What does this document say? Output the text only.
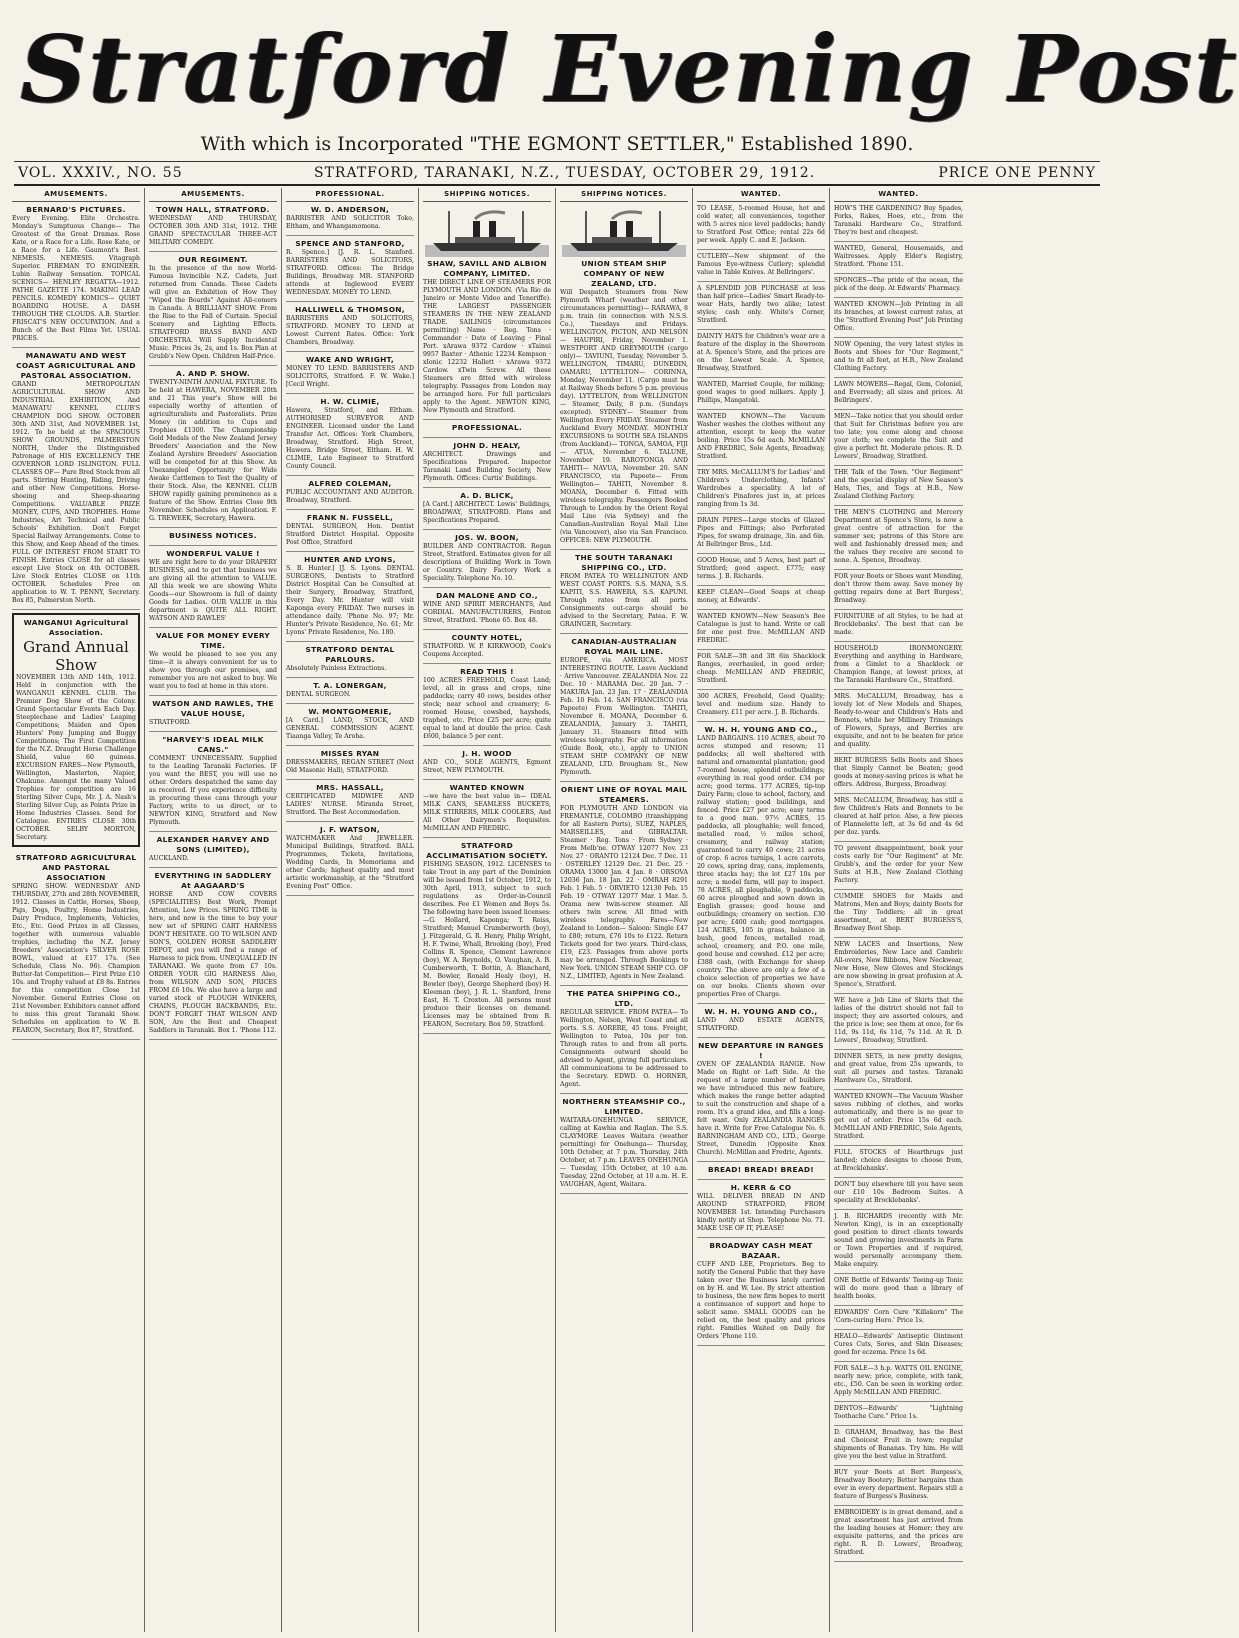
Stratford Evening Post
With which is Incorporated "THE EGMONT SETTLER," Established 1890.
VOL. XXXIV., NO. 55	STRATFORD, TARANAKI, N.Z., TUESDAY, OCTOBER 29, 1912.	PRICE ONE PENNY
AMUSEMENTS.
BERNARD'S PICTURES.
Every Evening. Elite Orchestra. Monday's Sumptuous Change— The Greatest of the Great Dramas. Rose Kate, or a Race for a Life. Rose Kate, or a Race for a Life. Gaumont's Best. NEMESIS. NEMESIS. Vitagraph Superior. FIREMAN TO ENGINEER. Lubin Railway Sensation. TOPICAL SCENICS— HENLEY REGATTA—1912. PATHE GAZETTE 174. MAKING LEAD PENCILS. KOMEDY KOMICS— QUIET BOARDING HOUSE. A DASH THROUGH THE CLOUDS. A.B. Startler. FRISCAT'S NEW OCCUPATION. And a Bunch of the Best Films Yet. USUAL PRICES.
MANAWATU AND WEST COAST AGRICULTURAL AND PASTORAL ASSOCIATION.
GRAND METROPOLITAN AGRICULTURAL SHOW AND INDUSTRIAL EXHIBITION, And MANAWATU KENNEL CLUB'S CHAMPION DOG SHOW. OCTOBER 30th AND 31st, And NOVEMBER 1st, 1912. To be held at the SPACIOUS SHOW GROUNDS, PALMERSTON NORTH, Under the Distinguished Patronage of HIS EXCELLENCY THE GOVERNOR LORD ISLINGTON. FULL CLASSES OF— Pure Bred Stock from all parts. Stirring Hunting, Riding, Driving and other New Competitions. Horse-shoeing and Sheep-shearing Competitions. VALUABLE PRIZE MONEY, CUPS, AND TROPHIES. Home Industries, Art Technical and Public Schools' Exhibition. Don't Forget Special Railway Arrangements. Come to this Show, and Keep Ahead of the times. FULL OF INTEREST FROM START TO FINISH. Entries CLOSE for all classes except Live Stock on 4th OCTOBER. Live Stock Entries CLOSE on 11th OCTOBER. Schedules Free on application to W. T. PENNY, Secretary. Box 85, Palmerston North.
WANGANUI Agricultural Association.
Grand Annual Show
NOVEMBER 13th AND 14th, 1912. Held in conjunction with the WANGANUI KENNEL CLUB. The Premier Dog Show of the Colony. Grand Spectacular Events Each Day. Steeplechase and Ladies' Leaping Competitions; Maiden and Open Hunters' Pony Jumping and Buggy Competitions; The First Competition for the N.Z. Draught Horse Challenge Shield, value 60 guineas. EXCURSION FARES—New Plymouth, Wellington, Masterton, Napier, Ohakune. Amongst the many Valued Trophies for competition are 16 Sterling Silver Cups, Mr. J. A. Nash's Sterling Silver Cup, as Points Prize in Home Industries Classes. Send for Catalogue. ENTRIES CLOSE 30th OCTOBER. SELBY MORTON, Secretary.
STRATFORD AGRICULTURAL AND PASTORAL ASSOCIATION
SPRING SHOW. WEDNESDAY AND THURSDAY, 27th and 28th NOVEMBER, 1912. Classes in Cattle, Horses, Sheep, Pigs, Dogs, Poultry, Home Industries, Dairy Produce, Implements, Vehicles, Etc., Etc. Good Prizes in all Classes, together with numerous valuable trophies, including the N.Z. Jersey Breeders' Association's SILVER ROSE BOWL, valued at £17 17s. (See Schedule, Class No. 96). Champion Butter-fat Competition— First Prize £10 10s. and Trophy valued at £8 8s. Entries for this competition Close 1st November. General Entries Close on 21st November. Exhibitors cannot afford to miss this great Taranaki Show. Schedules on application to W. B. FEARON, Secretary, Box 87, Stratford.
AMUSEMENTS.
TOWN HALL, STRATFORD.
WEDNESDAY AND THURSDAY, OCTOBER 30th AND 31st, 1912. THE GRAND SPECTACULAR THREE-ACT MILITARY COMEDY.
OUR REGIMENT.
In the presence of the now World-Famous Invincible N.Z. Cadets, Just returned from Canada. These Cadets will give an Exhibition of How They "Wiped the Boards" Against All-comers in Canada. A BRILLIANT SHOW. From the Rise to the Fall of Curtain. Special Scenery and Lighting Effects. STRATFORD BRASS BAND AND ORCHESTRA. Will Supply Incidental Music. Prices 3s, 2s, and 1s. Box Plan at Grubb's New Open. Children Half-Price.
A. AND P. SHOW.
TWENTY-NINTH ANNUAL FIXTURE. To be held at HAWERA, NOVEMBER 20th and 21 This year's Show will be especially worthy of attention of agriculturalists and Pastoralists. Prize Money (in addition to Cups and Trophies £1300. The Championship Gold Medals of the New Zealand Jersey Breeders' Association and the New Zealand Ayrshire Breeders' Association will be competed for at this Show. An Unexampled Opportunity for Wide Awake Cattlemen to Test the Quality of their Stock. Also, the KENNEL CLUB SHOW rapidly gaining prominence as a feature of the Show. Entries Close 9th November. Schedules on Application. F. G. TREWEEK, Secretary, Hawera.
BUSINESS NOTICES.
WONDERFUL VALUE !
WE are right here to do your DRAPERY BUSINESS, and to get that business we are giving all the attention to VALUE. All this week we are showing White Goods—our Showroom is full of dainty Goods for Ladies. OUR VALUE in this department is QUITE ALL RIGHT. WATSON AND RAWLES'
VALUE FOR MONEY EVERY TIME.
We would be pleased to see you any time—it is always convenient for us to show you through our premises, and remember you are not asked to buy. We want you to feel at home in this store.
WATSON AND RAWLES, THE VALUE HOUSE,
STRATFORD.
"HARVEY'S IDEAL MILK CANS."
COMMENT UNNECESSARY. Supplied to the Leading Taranaki Factories. IF you want the BEST, you will use no other. Orders despatched the same day as received. If you experience difficulty in procuring these cans through your Factory, write to us direct, or to NEWTON KING, Stratford and New Plymouth.
ALEXANDER HARVEY AND SONS (LIMITED),
AUCKLAND.
EVERYTHING IN SADDLERY At AAGAARD'S
HORSE AND COW COVERS (SPECIALITIES) Best Work, Prompt Attention, Low Prices. SPRING TIME is here, and now is the time to buy your new set of SPRING CART HARNESS DON'T HESITATE. GO TO WILSON AND SON'S, GOLDEN HORSE SADDLERY DEPOT, and you will find a range of Harness to pick from. UNEQUALLED IN TARANAKI. We quote from £7 10s. ORDER YOUR GIG HARNESS Also, from WILSON AND SON, PRICES FROM £6 10s. We also have a large and varied stock of PLOUGH WINKERS, CHAINS, PLOUGH BACKBANDS, Etc. DON'T FORGET THAT WILSON AND SON, Are the Best and Cheapest Saddlers in Taranaki. Box 1. 'Phone 112.
PROFESSIONAL.
W. D. ANDERSON,
BARRISTER AND SOLICITOR Toko, Eltham, and Whangamomona.
SPENCE AND STANFORD,
R. Spence.] [J. R. L. Stanford. BARRISTERS AND SOLICITORS, STRATFORD. Offices: The Bridge Buildings, Broadway. MR. STANFORD attends at Inglewood EVERY WEDNESDAY. MONEY TO LEND.
HALLIWELL & THOMSON,
BARRISTERS AND SOLICITORS, STRATFORD. MONEY TO LEND at Lowest Current Rates. Office: York Chambers, Broadway.
WAKE AND WRIGHT,
MONEY TO LEND. BARRISTERS AND SOLICITORS, Stratford. F. W. Wake.] [Cecil Wright.
H. W. CLIMIE,
Hawera, Stratford, and Eltham. AUTHORISED SURVEYOR AND ENGINEER. Licensed under the Land Transfer Act. Offices: York Chambers, Broadway, Stratford. High Street, Hawera. Bridge Street, Eltham. H. W. CLIMIE, Late Engineer to Stratford County Council.
ALFRED COLEMAN,
PUBLIC ACCOUNTANT AND AUDITOR. Broadway, Stratford.
FRANK N. FUSSELL,
DENTAL SURGEON, Hon. Dentist Stratford District Hospital. Opposite Post Office, Stratford
HUNTER AND LYONS,
S. B. Hunter.] [J. S. Lyons. DENTAL SURGEONS, Dentists to Stratford District Hospital Can be Consulted at their Surgery, Broadway, Stratford, Every Day. Mr. Hunter will visit Kaponga every FRIDAY. Two nurses in attendance daily. 'Phone No. 97; Mr. Hunter's Private Residence, No. 61; Mr. Lyons' Private Residence, No. 180.
STRATFORD DENTAL PARLOURS.
Absolutely Painless Extractions.
T. A. LONERGAN,
DENTAL SURGEON.
W. MONTGOMERIE,
[A Card.] LAND, STOCK, AND GENERAL COMMISSION AGENT. Tiaanga Valley, Te Aroha.
MISSES RYAN
DRESSMAKERS, REGAN STREET (Next Old Masonic Hall), STRATFORD.
MRS. HASSALL,
CERTIFICATED MIDWIFE AND LADIES' NURSE. Miranda Street, Stratford. The Best Accommodation.
J. F. WATSON,
WATCHMAKER And JEWELLER. Municipal Buildings, Stratford. BALL Programmes, Tickets, Invitations, Wedding Cards, In Memoriams and other Cards; highest quality and most artistic workmanship, at the "Stratford Evening Post" Office.
SHIPPING NOTICES.
SHAW, SAVILL AND ALBION COMPANY, LIMITED.
THE DIRECT LINE OF STEAMERS FOR PLYMOUTH AND LONDON. (Via Rio de Janeiro or Monte Video and Teneriffe). THE LARGEST PASSENGER STEAMERS IN THE NEW ZEALAND TRADE. SAILINGS (circumstances permitting) Name · Reg. Tons · Commander · Date of Leaving · Final Port. xArawa 9372 Cardow · xTainui 9957 Baxter · Athenic 12234 Kempson · xIonic 12232 Hallett · xArawa 9372 Cardow. xTwin Screw. All these Steamers are fitted with wireless telegraphy. Passages from London may be arranged here. For full particulars apply to the Agent. NEWTON KING, New Plymouth and Stratford.
PROFESSIONAL.
JOHN D. HEALY,
ARCHITECT. Drawings and Specifications Prepared. Inspector Taranaki Land Building Society, New Plymouth. Offices: Curtis' Buildings.
A. D. BLICK,
[A Card.] ARCHITECT. Lewis' Buildings, BROADWAY, STRATFORD. Plans and Specifications Prepared.
JOS. W. BOON,
BUILDER AND CONTRACTOR. Regan Street, Stratford. Estimates given for all descriptions of Building Work in Town or Country. Dairy Factory Work a Speciality. Telephone No. 10.
DAN MALONE AND CO.,
WINE AND SPIRIT MERCHANTS, And CORDIAL MANUFACTURERS, Fenton Street, Stratford. 'Phone 65. Box 48.
COUNTY HOTEL,
STRATFORD. W. P. KIRKWOOD, Cook's Coupons Accepted.
READ THIS !
100 ACRES FREEHOLD, Coast Land; level, all in grass and crops, nine paddocks; carry 40 cows, besides other stock; near school and creamery; 6-roomed House, cowshed, haysheds, traphed, etc. Price £25 per acre; quite equal to land at double the price. Cash £600, balance 5 per cent.
J. H. WOOD
AND CO., SOLE AGENTS, Egmont Street, NEW PLYMOUTH.
WANTED KNOWN
—we have the best value in— IDEAL MILK CANS, SEAMLESS BUCKETS, MILK STIRRERS, MILK COOLERS, And All Other Dairymen's Requisites. McMILLAN AND FREDRIC.
STRATFORD ACCLIMATISATION SOCIETY.
FISHING SEASON, 1912. LICENSES to take Trout in any part of the Dominion will be issued from 1st October, 1912, to 30th April, 1913, subject to such regulations as Order-in-Council describes. Fee £1 Women and Boys 5s. The following have been issued licenses:—G. Hollard, Kaponga; T. Reiss, Stratford; Manuel Crumberworth (boy), J. Fitzgerald, G. R. Henry, Philip Wright, H. F. Twine, Whall, Brooking (boy), Fred Collins R. Spence, Clement Lawrence (boy), W. A. Reynolds, O. Vaughan, A. B. Cumberworth, T. Bottin, A. Blanchard, M. Bowler, Ronald Healy (boy), H. Bowler (boy), George Shepherd (boy) H. Kleeman (boy), J. R. L. Stanford, Irene East, H. T. Croxton. All persons must produce their licenses on demand. Licenses may be obtained from B. FEARON, Secretary. Box 59, Stratford.
SHIPPING NOTICES.
UNION STEAM SHIP COMPANY OF NEW ZEALAND, LTD.
Will Despatch Steamers from New Plymouth Wharf (weather and other circumstances permitting)— RARAWA, 8 p.m. train (in connection with N.S.S. Co.), Tuesdays and Fridays. WELLINGTON, PICTON, AND NELSON— HAUPIRI, Friday, November 1. WESTPORT AND GREYMOUTH (cargo only)— TAVIUNI, Tuesday, November 5. WELLINGTON, TIMARU, DUNEDIN, OAMARU, LYTTELTON— CORINNA, Monday, November 11. (Cargo must be at Railway Sheds before 5 p.m. previous day). LYTTELTON, from WELLINGTON— Steamer, Daily, 8 p.m. (Sundays excepted). SYDNEY— Steamer from Wellington Every FRIDAY. Steamer from Auckland Every MONDAY. MONTHLY EXCURSIONS to SOUTH SEA ISLANDS (from Auckland)— TONGA, SAMOA, FIJI— ATUA, November 6. TALUNE, November 19. RAROTONGA AND TAHITI— NAVUA, November 20. SAN FRANCISCO, via Papeete— From Wellington— TAHITI, November 8. MOANA, December 6. Fitted with wireless telegraphy. Passengers Booked Through to London by the Orient Royal Mail Line (via Sydney) and the Canadian-Australian Royal Mail Line (via Vancouver), also via San Francisco. OFFICES: NEW PLYMOUTH.
THE SOUTH TARANAKI SHIPPING CO., LTD.
FROM PATEA TO WELLINGTON AND WEST COAST PORTS. S.S. MANA, S.S. KAPITI, S.S. HAWERA, S.S. KAPUNI. Through rates from all ports. Consignments out-cargo should be advised to the Secretary, Patea. F. W. GRAINGER, Secretary.
CANADIAN-AUSTRALIAN ROYAL MAIL LINE.
EUROPE, via AMERICA. MOST INTERESTING ROUTE. Leave Auckland · Arrive Vancouver. ZEALANDIA Nov. 22 Dec. 10 · MARAMA Dec. 20 Jan. 7 · MAKURA Jan. 23 Jan. 17 · ZEALANDIA Feb. 10 Feb. 14. SAN FRANCISCO (via Papeete) From Wellington. TAHITI, November 8. MOANA, December 6. ZEALANDIA, January 3. TAHITI, January 31. Steamers fitted with wireless telegraphy. For all information (Guide Book, etc.), apply to UNION STEAM SHIP COMPANY OF NEW ZEALAND, LTD. Brougham St., New Plymouth.
ORIENT LINE OF ROYAL MAIL STEAMERS.
FOR PLYMOUTH AND LONDON via FREMANTLE, COLOMBO (transhipping for all Eastern Ports), SUEZ, NAPLES, MARSEILLES, and GIBRALTAR. Steamer · Reg. Tons · From Sydney · From Melb'ne. OTWAY 12077 Nov. 23 Nov. 27 · ORANTO 12124 Dec. 7 Dec. 11 · OSTERLEY 12129 Dec. 21 Dec. 25 · ORAMA 13000 Jan. 4 Jan. 8 · ORSOVA 12036 Jan. 18 Jan. 22 · OMRAH 8291 Feb. 1 Feb. 5 · ORVIETO 12130 Feb. 15 Feb. 19 · OTWAY 12077 Mar. 1 Mar. 5. Orama new twin-screw steamer. All others twin screw. All fitted with wireless telegraphy. Fares—New Zealand to London— Saloon: Single £47 to £80; return, £76 10s to £122. Return Tickets good for two years. Third-class, £19, £23. Passages from above ports may be arranged. Through Bookings to New York. UNION STEAM SHIP CO. OF N.Z., LIMITED, Agents in New Zealand.
THE PATEA SHIPPING CO., LTD.
REGULAR SERVICE. FROM PATEA— To Wellington, Nelson, West Coast and all ports. S.S. AORERE, 45 tons. Freight, Wellington to Patea, 10s per ton. Through rates to and from all ports. Consignments outward should be advised to Agent, giving full particulars. All communications to be addressed to the Secretary. EDWD. O. HORNER, Agent.
NORTHERN STEAMSHIP CO., LIMITED.
WAITARA-ONEHUNGA SERVICE, calling at Kawhia and Raglan. The S.S. CLAYMORE Leaves Waitara (weather permitting) for Onehunga— Thursday, 10th October, at 7 p.m. Thursday, 24th October, at 7 p.m. LEAVES ONEHUNGA— Tuesday, 15th October, at 10 a.m. Tuesday, 22nd October, at 10 a.m. H. E. VAUGHAN, Agent, Waitara.
WANTED.
TO LEASE, 5-roomed House, hot and cold water, all conveniences, together with 5 acres nice level paddocks; handy to Stratford Post Office; rental 22s 6d per week. Apply C. and E. Jackson.
CUTLERY—New shipment of the Famous Eye-witness Cutlery; splendid value in Table Knives. At Bellringers'.
A SPLENDID JOB PURCHASE at less than half price—Ladies' Smart Ready-to-wear Hats, hardly two alike; latest styles; cash only. White's Corner, Stratford.
DAINTY HATS for Children's wear are a feature of the display in the Showroom at A. Spence's Store, and the prices are on the Lowest Scale. A. Spence, Broadway, Stratford.
WANTED, Married Couple, for milking; good wages to good milkers. Apply J. Phillips, Mangatoki.
WANTED KNOWN—The Vacuum Washer washes the clothes without any attention, except to keep the water boiling. Price 15s 6d each. McMILLAN AND FREDRIC, Sole Agents, Broadway, Stratford.
TRY MRS. McCALLUM'S for Ladies' and Children's Underclothing, Infants' Wardrobes a speciality. A lot of Children's Pinafores just in, at prices ranging from 1s 3d.
DRAIN PIPES—Large stocks of Glazed Pipes and Fittings; also Perforated Pipes, for swamp drainage, 3in. and 6in. At Bellringer Bros., Ltd.
GOOD House, and 5 Acres, best part of Stratford; good aspect. £775; easy terms. J. B. Richards.
KEEP CLEAN—Good Soaps at cheap money, at Edwards'.
WANTED KNOWN—New Season's Bee Catalogue is just to hand. Write or call for one post free. McMILLAN AND FREDRIC.
FOR SALE—3ft and 3ft 6in Shacklock Ranges, overhauled, in good order; cheap. McMILLAN AND FREDRIC, Stratford.
300 ACRES, Freehold, Good Quality; level and medium size. Handy to Creamery. £11 per acre. J. B. Richards.
W. H. H. YOUNG AND CO.,
LAND BARGAINS. 110 ACRES, about 70 acres stumped and resown; 11 paddocks; all well sheltered with natural and ornamental plantation; good 7-roomed house, splendid outbuildings; everything in real good order. £34 per acre; good terms. 177 ACRES, tip-top Dairy Farm; close to school, factory, and railway station; good buildings, and fenced. Price £27 per acre; easy terms to a good man. 97½ ACRES, 15 paddocks, all ploughable; well fenced, metalled road, ½ miles school, creamery, and railway station; guaranteed to carry 40 cows; 21 acres of crop. 6 acres turnips, 1 acre carrots, 20 cows, spring dray, cans, implements, three stacks hay; the lot £27 10s per acre; a model farm, will pay to inspect. 78 ACRES, all ploughable, 9 paddocks, 60 acres ploughed and sown down in English grasses; good house and outbuildings; creamery on section. £30 per acre; £400 cash; good mortgages. 124 ACRES, 105 in grass, balance in bush, good fences, metalled road, school, creamery, and P.O. one mile, good house and cowshed. £12 per acre; £388 cash, (with Exchange for sheep country. The above are only a few of a choice selection of properties we have on our books. Clients shown over properties Free of Charge.
W. H. H. YOUNG AND CO.,
LAND AND ESTATE AGENTS, STRATFORD.
NEW DEPARTURE IN RANGES !
OVEN OF ZEALANDIA RANGE. Now Made on Right or Left Side. At the request of a large number of builders we have introduced this new feature, which makes the range better adapted to suit the construction and shape of a room. It's a grand idea, and fills a long-felt want. Only ZEALANDIA RANGES have it. Write for Free Catalogue No. 6. BARNINGHAM AND CO., LTD., George Street, Dunedin (Opposite Knox Church). McMillan and Fredric, Agents.
BREAD! BREAD! BREAD!
H. KERR & CO
WILL DELIVER BREAD IN AND AROUND STRATFORD, FROM NOVEMBER 1st. Intending Purchasers kindly notify at Shop. Telephone No. 71. MAKE USE OF IT, PLEASE!
BROADWAY CASH MEAT BAZAAR.
CUFF AND LEE, Proprietors. Beg to notify the General Public that they have taken over the Business lately carried on by H. and W. Lee. By strict attention to business, the new firm hopes to merit a continuance of support and hope to solicit same. SMALL GOODS can be relied on, the best quality and prices right. Families Waited on Daily for Orders 'Phone 110.
WANTED.
HOW'S THE GARDENING? Buy Spades, Forks, Rakes, Hoes, etc., from the Taranaki Hardware Co., Stratford. They're best and cheapest.
WANTED, General, Housemaids, and Waitresses. Apply Elder's Registry, Stratford. 'Phone 151.
SPONGES—The pride of the ocean, the pick of the deep. At Edwards' Pharmacy.
WANTED KNOWN—Job Printing in all its branches, at lowest current rates, at the "Stratford Evening Post" Job Printing Office.
NOW Opening, the very latest styles in Boots and Shoes for "Our Regiment," and to fit all feet, at H.B., New Zealand Clothing Factory.
LAWN MOWERS—Regal, Gem, Coloniel, and Everready; all sizes and prices. At Bellringers'.
MEN—Take notice that you should order that Suit for Christmas before you are too late; you come along and choose your cloth; we complete the Suit and give a perfect fit. Moderate prices. R. D. Lowers', Broadway, Stratford.
THE Talk of the Town. "Our Regiment" and the special display of New Season's Hats, Ties, and Togs at H.B., New Zealand Clothing Factory.
THE MEN'S CLOTHING and Mercery Department at Spence's Store, is now a great centre of attraction for the summer sex; patrons of this Store are well and fashionably dressed men; and the values they receive are second to none. A. Spence, Broadway.
FOR your Boots or Shoes want Mending, don't throw them away. Save money by getting repairs done at Bert Burgess', Broadway.
FURNITURE of all Styles, to be had at Brocklebanks'. The best that can be made.
HOUSEHOLD IRONMONGERY. Everything and anything in Hardware, from a Gimlet to a Shacklock or Champion Range, at lowest prices, at the Taranaki Hardware Co., Stratford.
MRS. McCALLUM, Broadway, has a lovely lot of New Models and Shapes, Ready-to-wear and Children's Hats and Bonnets, while her Millinery Trimmings of Flowers, Sprays, and Berries are exquisite, and not to be beaten for price and quality.
BERT BURGESS Sells Boots and Shoes that Simply Cannot be Beaten; good goods at money-saving prices is what he offers. Address, Burgess, Broadway.
MRS. McCALLUM, Broadway, has still a few Children's Hats and Bonnets to be cleared at half price. Also, a few pieces of Flannelette left, at 3s 6d and 4s 6d per doz. yards.
TO prevent disappointment, book your costs early for "Our Regiment" at Mr. Grubb's, and the order for your New Suits at H.B., New Zealand Clothing Factory.
CUMMIE SHOES for Maids and Matrons, Men and Boys; dainty Boots for the Tiny Toddlers; all in great assortment, at BERT BURGESS'S, Broadway Boot Shop.
NEW LACES and Insertions, New Embroideries, New Lace and Cambric All-overs, New Ribbons, New Neckwear, New Hose, New Gloves and Stockings are now showing in great profusion at A. Spence's, Stratford.
WE have a Job Line of Skirts that the ladies of the district should not fail to inspect; they are assorted colours, and the price is low; see them at once, for 6s 11d, 9s 11d, 6s 11d, 7s 11d. At R. D. Lowers', Broadway, Stratford.
DINNER SETS, in new pretty designs, and great value, from 25s upwards, to suit all purses and tastes. Taranaki Hardware Co., Stratford.
WANTED KNOWN—The Vacuum Washer saves rubbing of clothes, and works automatically, and there is no gear to get out of order. Price 15s 6d each. McMILLAN AND FREDRIC, Sole Agents, Stratford.
FULL STOCKS of Hearthrugs just landed; choice designs to choose from, at Brocklebanks'.
DON'T buy elsewhere till you have seen our £10 10s Bedroom Suites. A speciality at Brocklebanks'.
J. B. RICHARDS (recently with Mr. Newton King), is in an exceptionally good position to direct clients towards sound and growing investments in Farm or Town Properties and if required, would personally accompany them. Make enquiry.
ONE Bottle of Edwards' Teeing-up Tonic will do more good than a library of health books.
EDWARDS' Corn Cure "Killakorn" The 'Corn-curing Hero.' Price 1s.
HEALO—Edwards' Antiseptic Ointment Cures Cuts, Sores, and Skin Diseases; good for eczema. Price 1s 6d.
FOR SALE—3 h.p. WATTS OIL ENGINE, nearly new; price, complete, with tank, etc., £50. Can be seen in working order. Apply McMILLAN AND FREDRIC.
DENTOS—Edwards' "Lightning Toothache Cure." Price 1s.
D. GRAHAM, Broadway, has the Best and Choicest Fruit in town; regular shipments of Bananas. Try him. He will give you the best value in Stratford.
BUY your Boots at Bert Burgess's, Broadway Bootery; Better bargains than ever in every department. Repairs still a feature of Burgess's Business.
EMBROIDERY is in great demand, and a great assortment has just arrived from the leading houses at Homer; they are exquisite patterns, and the prices are right. R. D. Lowers', Broadway, Stratford.
